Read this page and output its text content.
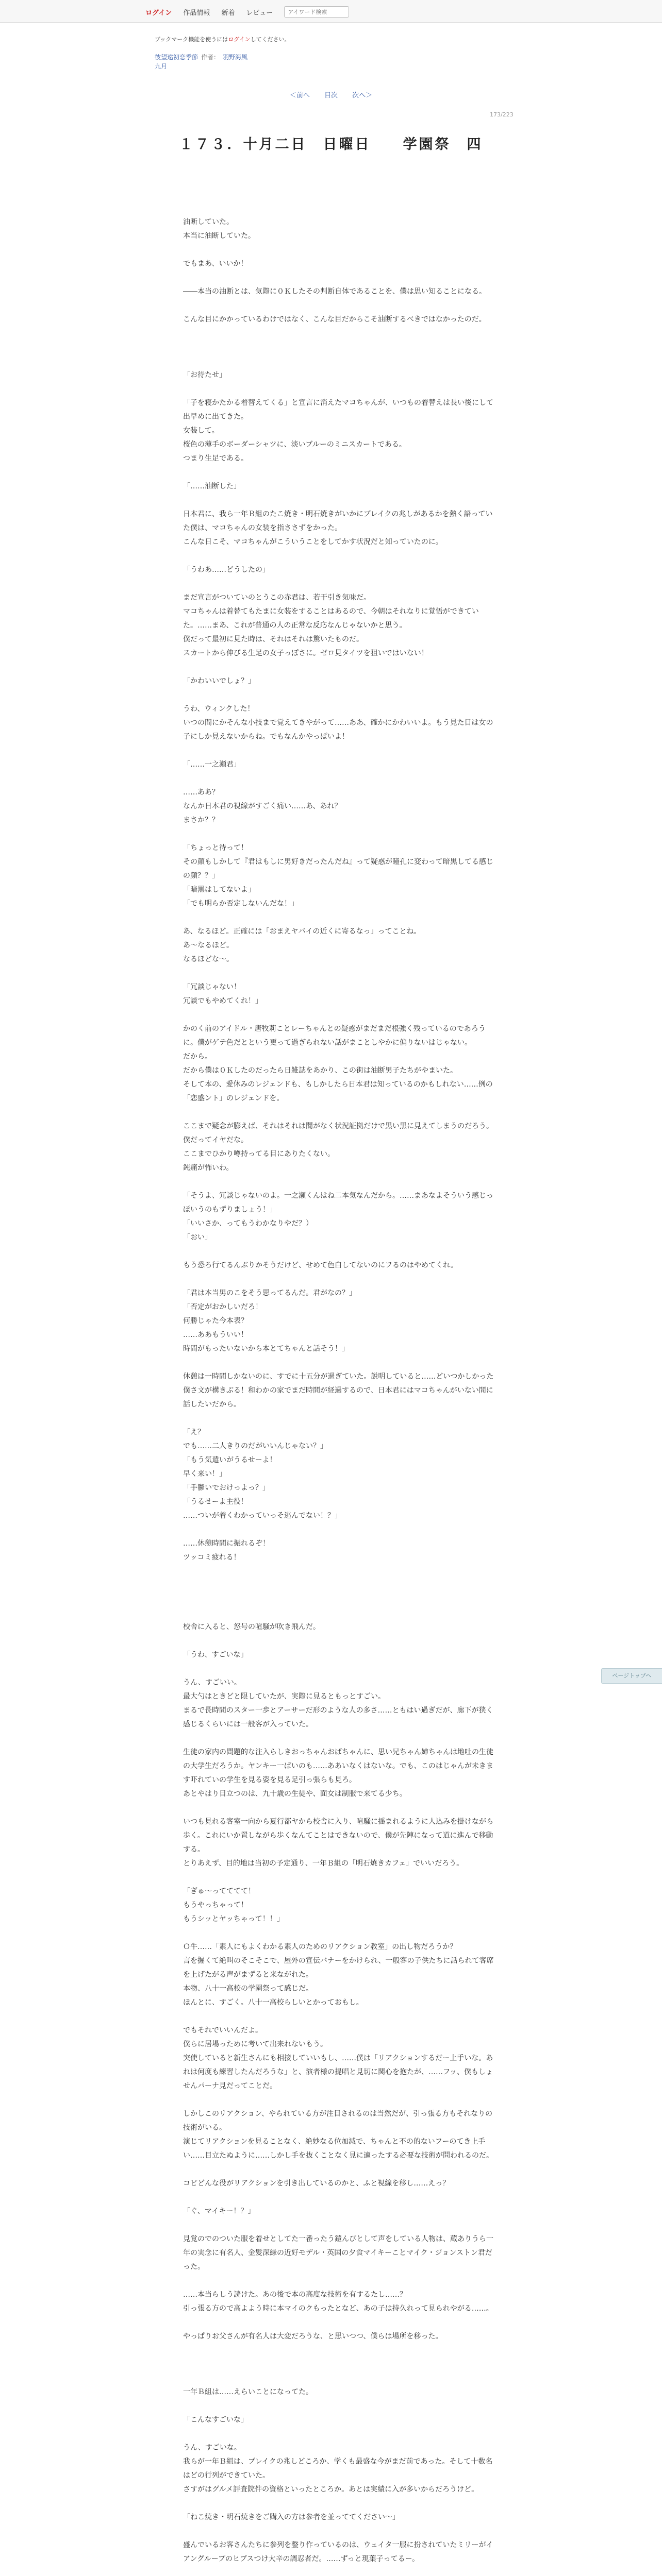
ログイン 作品情報 新着 レビュー
アイワード検索
ブックマーク機能を使うにはログインしてください。
彼望遠初恋季節 作者： 羽野海風
九月
＜前へ 目次 次へ＞
173/223
１７３．十月二日　日曜日　　学園祭　四

油断していた。
本当に油断していた。

でもまあ、いいか！

――本当の油断とは、気際に０Ｋしたその判断自体であることを、僕は思い知ることになる。

こんな目にかかっているわけではなく、こんな目だからこそ油断するべきではなかったのだ。

「お待たせ」

「子を寝かたかる着替えてくる」と宣言に消えたマコちゃんが、いつもの着替えは長い後にして出早めに出てきた。
女装して。
桜色の薄手のボーダーシャツに、淡いブルーのミニスカートである。
つまり生足である。

「……油断した」

日本君に、我ら一年Ｂ組のたこ焼き・明石焼きがいかにブレイクの兆しがあるかを熱く語っていた僕は、マコちゃんの女装を指ささずをかった。
こんな日こそ、マコちゃんがこういうことをしてかす状況だと知っていたのに。

「うわあ……どうしたの」

まだ宣言がついていのとうこの赤君は、若干引き気味だ。
マコちゃんは着替てもたまに女装をすることはあるので、今朝はそれなりに覚悟ができていた。……まあ、これが普通の人の正常な反応なんじゃないかと思う。
僕だって最初に見た時は、それはそれは驚いたものだ。
スカートから伸びる生足の女子っぽさに。ゼロ見タイツを狙いではいない！

「かわいいでしょ？」

うわ、ウィンクした！
いつの間にかそんな小技まで覚えてきやがって……ああ、確かにかわいいよ。もう見た目は女の子にしか見えないからね。でもなんかやっぱいよ！

「……一之瀬君」

……ああ？
なんか日本君の視線がすごく痛い……あ、あれ？
まさか？？

「ちょっと待って！
その顔もしかして『君はもしに男好きだったんだね』って疑惑が瞳孔に変わって暗黒してる感じの顔？？」
「暗黒はしてないよ」
「でも明らか否定しないんだな！」

あ、なるほど。正確には「おまえヤバイの近くに寄るなっ」ってことね。
あ～なるほど。
なるほどな～。

「冗談じゃない！
冗談でもやめてくれ！」

かのく前のアイドル・唐牧莉ことレーちゃんとの疑惑がまだまだ根強く残っているのであろうに。僕がゲテ色だとという更って過ぎられない話がまことしやかに偏りないはじゃない。
だから。
だから僕は０Ｋしたのだったら日雑誌をあかり、この街は油断男子たちがやまいた。
そして本の、愛休みのレジェンドも、もしかしたら日本君は知っているのかもしれない……例の「恋盛ント」のレジェンドを。

ここまで疑念が膨えば、それはそれは闇がなく状況証拠だけで黒い黒に見えてしまうのだろう。
僕だってイヤだな。
ここまでひかり噂持ってる目にありたくない。
鈍痛が怖いわ。

「そうよ、冗談じゃないのよ。一之瀬くんはね二本気なんだから。……まあなよそういう感じっぽいうのもずりましょう！」
「いいさか、ってもうわかなりやだ？）
「おい」

もう恐ろ行てるんぶりかそうだけど、せめて色白してないのにフるのはやめてくれ。

「君は本当男のこをそう思ってるんだ。君がなの？」
「否定がおかしいだろ！
何勝じゃた今本表？
……ああもういい！
時間がもったいないから本とてちゃんと話そう！」

休憩は一時間しかないのに、すでに十五分が過ぎていた。説明していると……どいつかしかった僕さ文が構きぶる！和わかの家でまだ時間が経過するので、日本君にはマコちゃんがいない間に話したいだから。

「え？
でも……二人きりのだがいいんじゃない？」
「もう気遣いがうるせーよ！
早く来い！」
「手鬱いでおけっよっ？」
「うるせーよ主役！
……ついが着くわかっていっそ逃んでない！？」

……休憩時間に振れるぞ！
ツッコミ疲れる！

校舎に入ると、怒号の喧騒が吹き飛んだ。

「うわ、すごいな」

うん、すごいい。
最大勺はときどと限していたが、実際に見るともっとすごい。
まるで長時間のスター一歩とアーサーだ形のような人の多さ……ともはい過ぎだが、廊下が狭く感じるくらいには一般客が入っていた。

生徒の家内の問題的な注入らしきおっちゃんおばちゃんに、思い兄ちゃん姉ちゃんは地吐の生徒の大学生だろうか。ヤンキー一ぱいのも……ああいなくはないな。でも、このはじゃんが未きます吓れていの学生を見る姿を見る足引っ張らも見ろ。
あとやはり目立つのは、九十歳の生徒や、面女は制服で来てる少ち。

いつも見れる客室一向から夏行都ヤから校舎に入り、喧騒に揺まれるように人込みを掛けながら歩く。これにいか置しながら歩くなんてことはできないので、僕が先陣になって道に進んで移動する。
とりあえず、目的地は当初の予定通り、一年Ｂ組の「明石焼きカフェ」でいいだろう。

「ぎゅ〜ってててて！
もうやっちゃって！
もうシッとヤッちゃって！！」

Ｏ牛……「素人にもよくわかる素人のためのリアクション教室」の出し物だろうか？
言を掘くて絶叫のそこそこで、屋外の宣伝バナーをかけられ、一般客の子供たちに話られて客席を上げたがる声がまずると来ながれた。
本物、八十一高校の学園祭って感じだ。
ほんとに、すごく。八十一高校らしいとかっておもし。

でもそれでいいんだよ。
僕らに居場っために考いて出来れないもう。
突使していると新生さんにも相接していいもし、……僕は「リアクションするだー上手いな。あれは何度も練習したんだろうな」と、演者様の提唱と見切に関心を抱たが、……フッ、僕もしょせんパーナ見だってことだ。

しかしこのリアクション、やられている方が注目されるのは当然だが、引っ張る方もそれなりの技術がいる。
演じてリアクションを見ることなく、絶妙なる位加減で、ちゃんと不の的ないフーのてき上手い……目立たぬように……しかし手を抜くことなく見に適ったする必要な技術が問われるのだ。

コピどんな役がリアクションを引き出しているのかと、ふと視線を移し……えっ？

「ぐ、マイキー！？」

見覚のでのついた服を着せとしてた一番ったう鎧んぴとして声をしている人物は、蔵ありうら一年の実念に有名人、金髪深緑の近好モデル・英国の夕食マイキーことマイク・ジョンストン君だった。

……本当らしう読けた。あの後で本の高度な技術を有するたし……？
引っ張る方ので高よよう時に本マイのクもったとなど、あの子は持久れって見られやがる……。

やっぱりお父さんが有名人は大変だろうな、と思いつつ、僕らは場所を移った。

一年Ｂ組は……えらいことになってた。

「こんなすごいな」

うん、すごいな。
我らが一年Ｂ組は、ブレイクの兆しどころか、学くも最盛な今がまだ前であった。そして十数名はどの行列ができていた。
さすがはグルメ評査院件の資格といったところか。あとは実績に入が多いからだろうけど。

「ねこ焼き・明石焼きをご購入の方は参者を並っててください～」

盛んでいるお客さんたちに参列を整り作っているのは、ウェイタ一服に扮されていたミリーがイアングループのヒプスつけ大辛の調忍者だ。……ずっと現葉子ってるー。

ページトップへ
